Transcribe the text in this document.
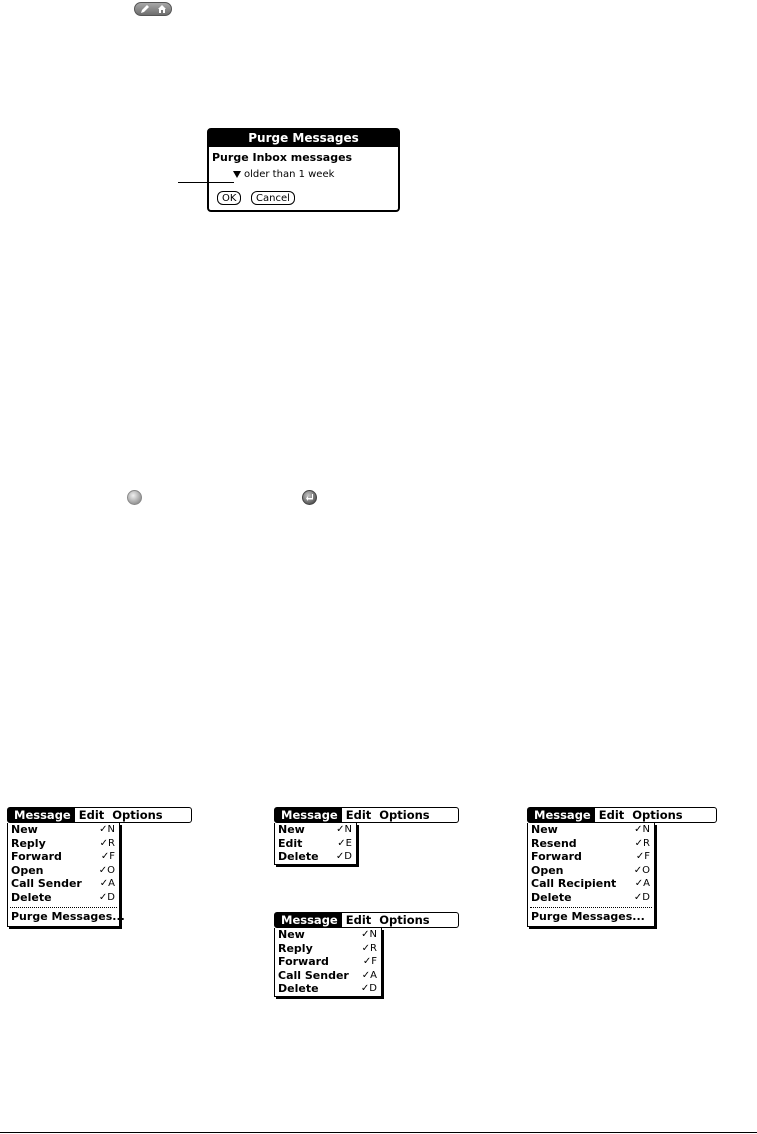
Purge Messages
Purge Inbox messages
older than 1 week
OK	Cancel
Message Edit Options
New	✓N
Reply	✓R
Forward	✓F
Open	✓O
Call Sender ✓A
Delete	✓D
Purge Messages...
Message Edit Options
New	✓N
Edit	✓E
Delete ✓D
Message Edit Options
New	✓N
Reply	✓R
Forward	✓F
Call Sender ✓A
Delete	✓D
Message Edit Options
New	✓N
Resend	✓R
Forward	✓F
Open	✓O
Call Recipient ✓A
Delete	✓D
Purge Messages...
